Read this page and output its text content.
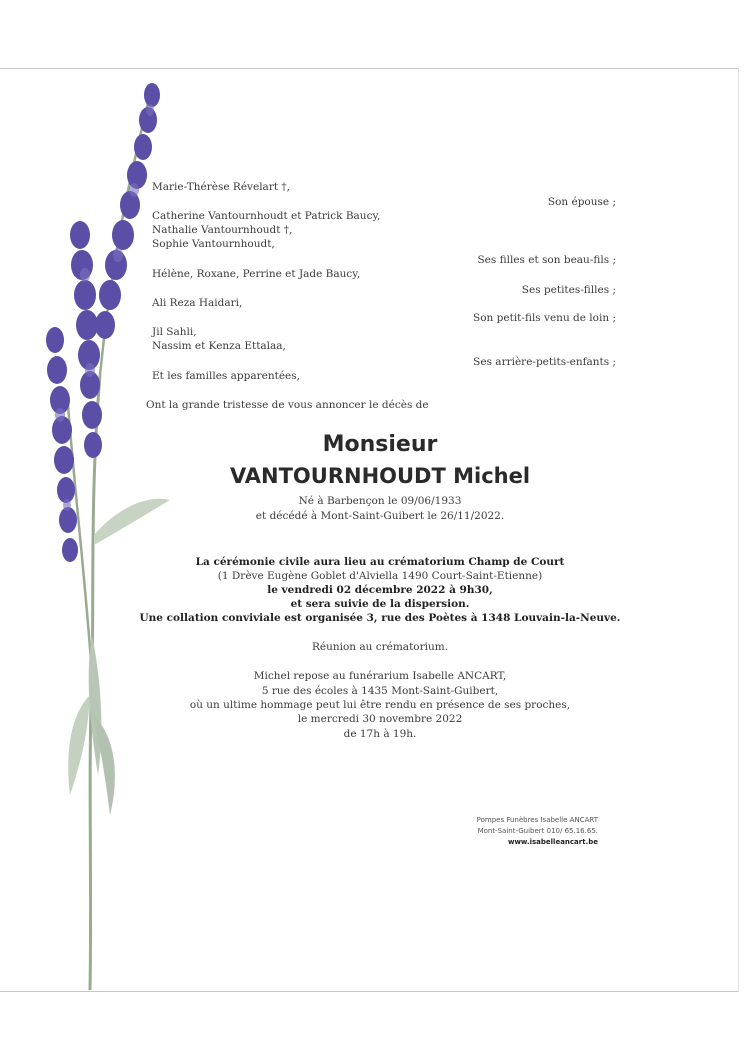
Marie-Thérèse Révelart †,
Son épouse ;
Catherine Vantournhoudt et Patrick Baucy,
Nathalie Vantournhoudt †,
Sophie Vantournhoudt,
Ses filles et son beau-fils ;
Hélène, Roxane, Perrine et Jade Baucy,
Ses petites-filles ;
Ali Reza Haidari,
Son petit-fils venu de loin ;
Jil Sahli,
Nassim et Kenza Ettalaa,
Ses arrière-petits-enfants ;
Et les familles apparentées,
Ont la grande tristesse de vous annoncer le décès de
Monsieur
VANTOURNHOUDT Michel
Né à Barbençon le 09/06/1933
et décédé à Mont-Saint-Guibert le 26/11/2022.
La cérémonie civile aura lieu au crématorium Champ de Court
(1 Drève Eugène Goblet d'Alviella 1490 Court-Saint-Etienne)
le vendredi 02 décembre 2022 à 9h30,
et sera suivie de la dispersion.
Une collation conviviale est organisée 3, rue des Poètes à 1348 Louvain-la-Neuve.
Réunion au crématorium.
Michel repose au funérarium Isabelle ANCART,
5 rue des écoles à 1435 Mont-Saint-Guibert,
où un ultime hommage peut lui être rendu en présence de ses proches,
le mercredi 30 novembre 2022
de 17h à 19h.
Pompes Funèbres Isabelle ANCART
Mont-Saint-Guibert 010/ 65.16.65.
www.isabelleancart.be
